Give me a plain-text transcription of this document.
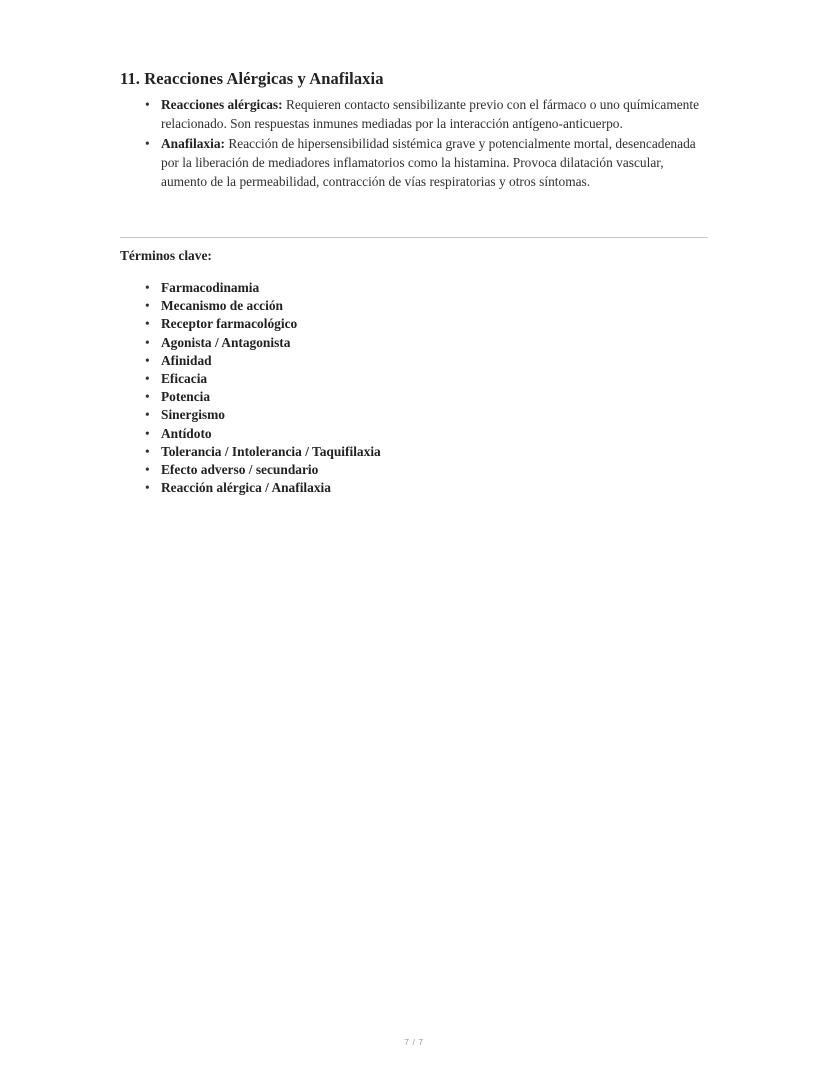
11. Reacciones Alérgicas y Anafilaxia
• Reacciones alérgicas: Requieren contacto sensibilizante previo con el fármaco o uno químicamente relacionado. Son respuestas inmunes mediadas por la interacción antígeno-anticuerpo.
• Anafilaxia: Reacción de hipersensibilidad sistémica grave y potencialmente mortal, desencadenada por la liberación de mediadores inflamatorios como la histamina. Provoca dilatación vascular, aumento de la permeabilidad, contracción de vías respiratorias y otros síntomas.

Términos clave:

• Farmacodinamia
• Mecanismo de acción
• Receptor farmacológico
• Agonista / Antagonista
• Afinidad
• Eficacia
• Potencia
• Sinergismo
• Antídoto
• Tolerancia / Intolerancia / Taquifilaxia
• Efecto adverso / secundario
• Reacción alérgica / Anafilaxia
7 / 7
